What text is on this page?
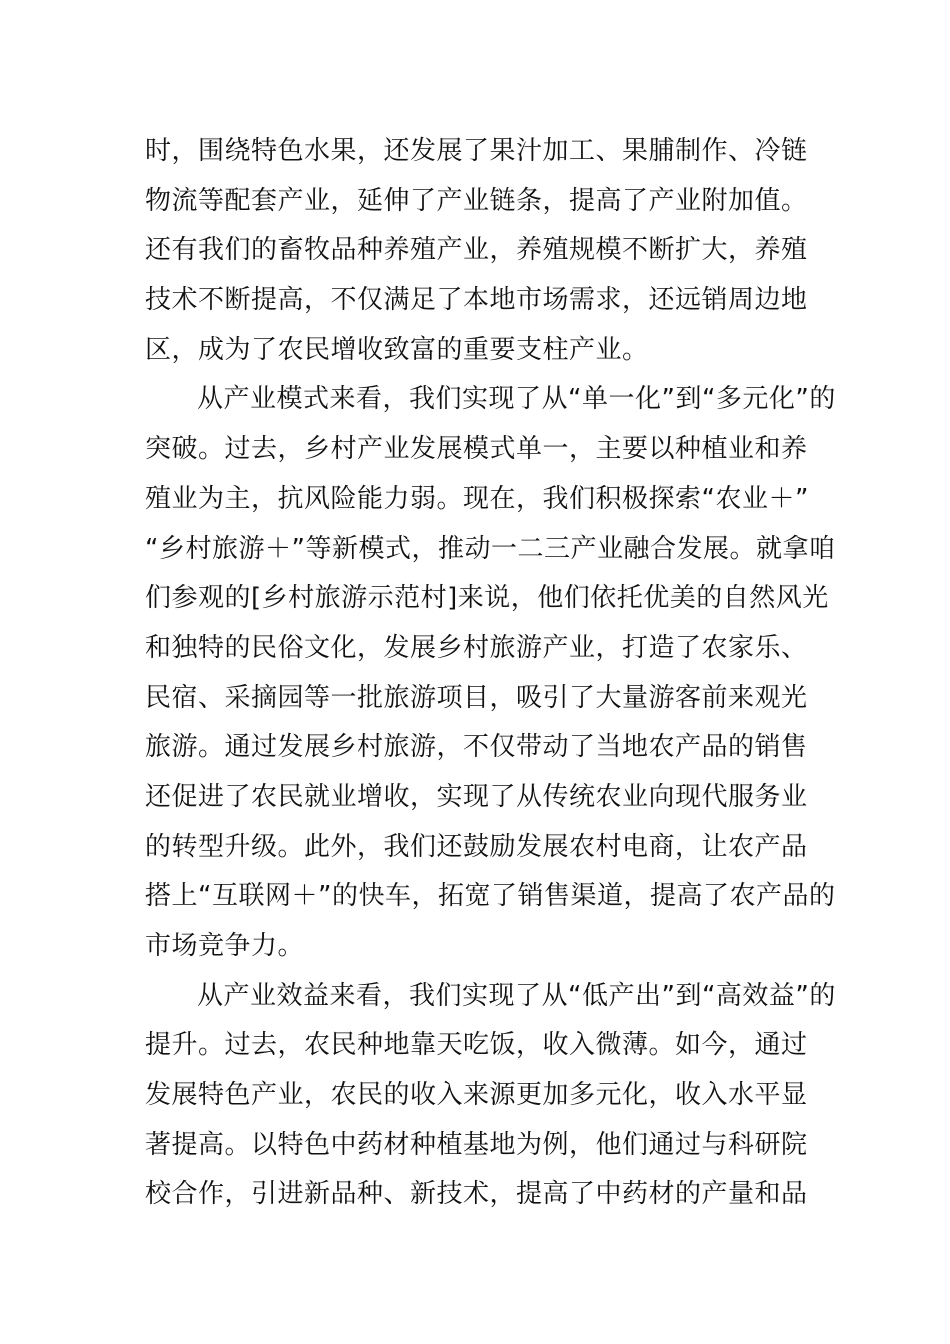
时，围绕特色水果，还发展了果汁加工、果脯制作、冷链
物流等配套产业，延伸了产业链条，提高了产业附加值。
还有我们的畜牧品种养殖产业，养殖规模不断扩大，养殖
技术不断提高，不仅满足了本地市场需求，还远销周边地
区，成为了农民增收致富的重要支柱产业。
从产业模式来看，我们实现了从“单一化”到“多元化”的
突破。过去，乡村产业发展模式单一，主要以种植业和养
殖业为主，抗风险能力弱。现在，我们积极探索“农业＋”
“乡村旅游＋”等新模式，推动一二三产业融合发展。就拿咱
们参观的[乡村旅游示范村]来说，他们依托优美的自然风光
和独特的民俗文化，发展乡村旅游产业，打造了农家乐、
民宿、采摘园等一批旅游项目，吸引了大量游客前来观光
旅游。通过发展乡村旅游，不仅带动了当地农产品的销售
还促进了农民就业增收，实现了从传统农业向现代服务业
的转型升级。此外，我们还鼓励发展农村电商，让农产品
搭上“互联网＋”的快车，拓宽了销售渠道，提高了农产品的
市场竞争力。
从产业效益来看，我们实现了从“低产出”到“高效益”的
提升。过去，农民种地靠天吃饭，收入微薄。如今，通过
发展特色产业，农民的收入来源更加多元化，收入水平显
著提高。以特色中药材种植基地为例，他们通过与科研院
校合作，引进新品种、新技术，提高了中药材的产量和品
